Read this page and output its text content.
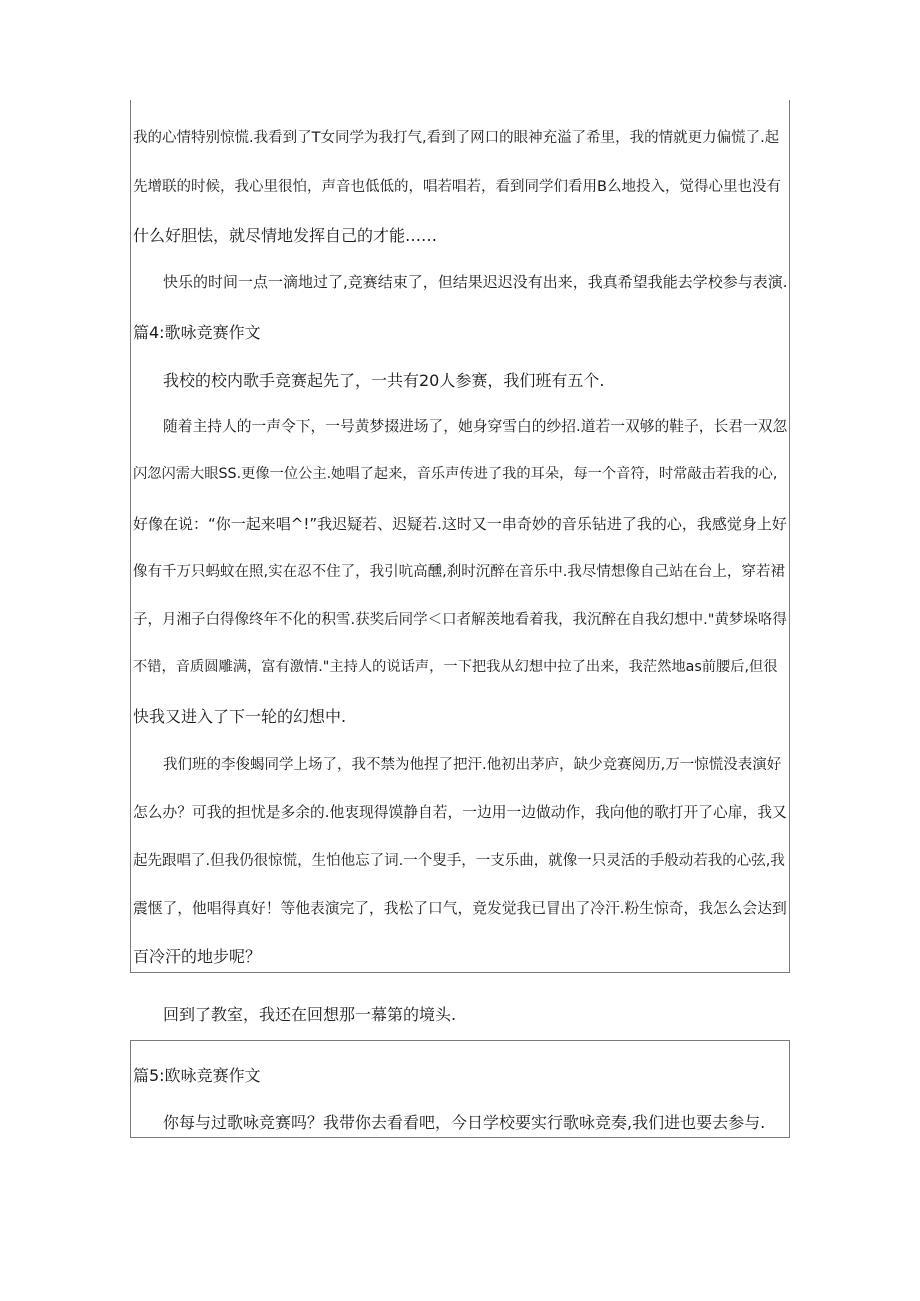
我的心情特别惊慌.我看到了T女同学为我打气,看到了网口的眼神充溢了希里，我的情就更力偏慌了.起

先增联的时候，我心里很怕，声音也低低的，唱若唱若，看到同学们看用B么地投入，觉得心里也没有

什么好胆怯，就尽情地发挥自己的才能……

快乐的时间一点一滴地过了,竞赛结束了，但结果迟迟没有出来，我真希望我能去学校参与表演.

篇4:歌咏竞赛作文

我校的校内歌手竞赛起先了，一共有20人参赛，我们班有五个.

随着主持人的一声令下，一号黄梦掇进场了，她身穿雪白的纱招.道若一双够的鞋子，长君一双忽

闪忽闪需大眼SS.更像一位公主.她唱了起来，音乐声传进了我的耳朵，每一个音符，时常敲击若我的心,

好像在说：“你一起来唱^!”我迟疑若、迟疑若.这时又一串奇妙的音乐钻进了我的心，我感觉身上好

像有千万只蚂蚊在照,实在忍不住了，我引吭高醺,刹时沉醉在音乐中.我尽情想像自己站在台上，穿若裙

子，月湘子白得像终年不化的积雪.获奖后同学＜口者解羡地看着我，我沉醉在自我幻想中."黄梦垛咯得

不错，音质圆雕满，富有激情."主持人的说话声，一下把我从幻想中拉了出来，我茫然地as前腰后,但很

快我又进入了下一轮的幻想中.

我们班的李俊蝎同学上场了，我不禁为他捏了把汗.他初出茅庐，缺少竞赛阅历,万一惊慌没表演好

怎么办？可我的担忧是多余的.他衷现得馍静自若，一边用一边做动作，我向他的歌打开了心扉，我又

起先跟唱了.但我仍很惊慌，生怕他忘了词.一个叟手，一支乐曲，就像一只灵活的手般动若我的心弦,我

震惬了，他唱得真好！等他表演完了，我松了口气，竟发觉我已冒出了冷汗.粉生惊奇，我怎么会达到

百冷汗的地步呢？

回到了教室，我还在回想那一幕第的境头.

篇5:欧咏竞赛作文

你每与过歌咏竞赛吗？我带你去看看吧，今日学校要实行歌咏竞奏,我们进也要去参与.
